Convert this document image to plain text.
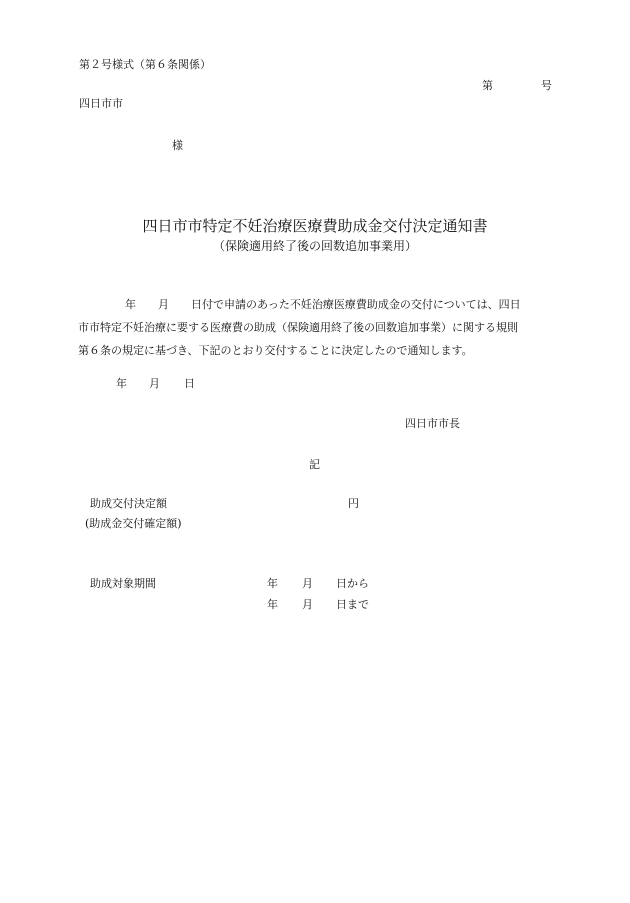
第２号様式（第６条関係）
第	号
四日市市
様
四日市市特定不妊治療医療費助成金交付決定通知書
（保険適用終了後の回数追加事業用）
年 月 日付で申請のあった不妊治療医療費助成金の交付については、四日
市市特定不妊治療に要する医療費の助成（保険適用終了後の回数追加事業）に関する規則
第６条の規定に基づき、下記のとおり交付することに決定したので通知します。
年 月 日
四日市市長
記
助成交付決定額	円
(助成金交付確定額)
助成対象期間	年 月 日から
年 月 日まで
